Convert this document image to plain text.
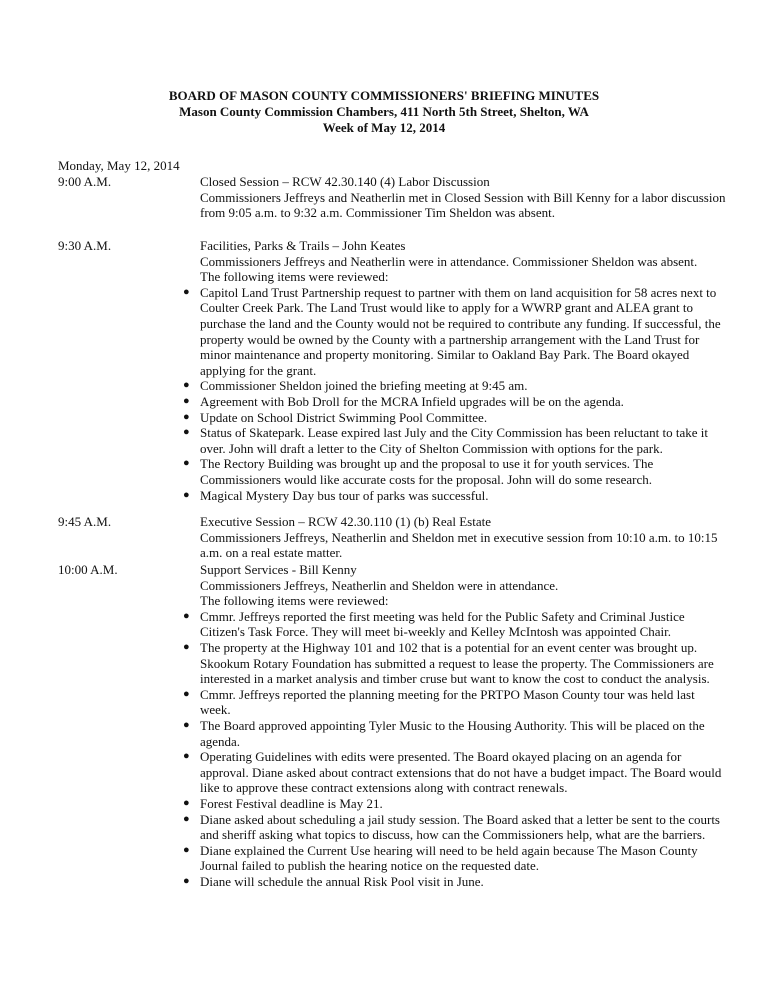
BOARD OF MASON COUNTY COMMISSIONERS' BRIEFING MINUTES
Mason County Commission Chambers, 411 North 5th Street, Shelton, WA
Week of May 12, 2014
Monday, May 12, 2014
9:00 A.M.	Closed Session – RCW 42.30.140 (4) Labor Discussion

Commissioners Jeffreys and Neatherlin met in Closed Session with Bill Kenny for a labor discussion from 9:05 a.m. to 9:32 a.m. Commissioner Tim Sheldon was absent.

9:30 A.M.	Facilities, Parks & Trails – John Keates

Commissioners Jeffreys and Neatherlin were in attendance. Commissioner Sheldon was absent.

The following items were reviewed:

● Capitol Land Trust Partnership request to partner with them on land acquisition for 58 acres next to Coulter Creek Park. The Land Trust would like to apply for a WWRP grant and ALEA grant to purchase the land and the County would not be required to contribute any funding. If successful, the property would be owned by the County with a partnership arrangement with the Land Trust for minor maintenance and property monitoring. Similar to Oakland Bay Park. The Board okayed applying for the grant.
● Commissioner Sheldon joined the briefing meeting at 9:45 am.
● Agreement with Bob Droll for the MCRA Infield upgrades will be on the agenda.
● Update on School District Swimming Pool Committee.
● Status of Skatepark. Lease expired last July and the City Commission has been reluctant to take it over. John will draft a letter to the City of Shelton Commission with options for the park.
● The Rectory Building was brought up and the proposal to use it for youth services. The Commissioners would like accurate costs for the proposal. John will do some research.
● Magical Mystery Day bus tour of parks was successful.
9:45 A.M.	Executive Session – RCW 42.30.110 (1) (b) Real Estate

Commissioners Jeffreys, Neatherlin and Sheldon met in executive session from 10:10 a.m. to 10:15 a.m. on a real estate matter.

10:00 A.M.	Support Services - Bill Kenny

Commissioners Jeffreys, Neatherlin and Sheldon were in attendance.

The following items were reviewed:

● Cmmr. Jeffreys reported the first meeting was held for the Public Safety and Criminal Justice Citizen's Task Force. They will meet bi-weekly and Kelley McIntosh was appointed Chair.
● The property at the Highway 101 and 102 that is a potential for an event center was brought up. Skookum Rotary Foundation has submitted a request to lease the property. The Commissioners are interested in a market analysis and timber cruse but want to know the cost to conduct the analysis.
● Cmmr. Jeffreys reported the planning meeting for the PRTPO Mason County tour was held last week.
● The Board approved appointing Tyler Music to the Housing Authority. This will be placed on the agenda.
● Operating Guidelines with edits were presented. The Board okayed placing on an agenda for approval. Diane asked about contract extensions that do not have a budget impact. The Board would like to approve these contract extensions along with contract renewals.
● Forest Festival deadline is May 21.
● Diane asked about scheduling a jail study session. The Board asked that a letter be sent to the courts and sheriff asking what topics to discuss, how can the Commissioners help, what are the barriers.
● Diane explained the Current Use hearing will need to be held again because The Mason County Journal failed to publish the hearing notice on the requested date.
● Diane will schedule the annual Risk Pool visit in June.
